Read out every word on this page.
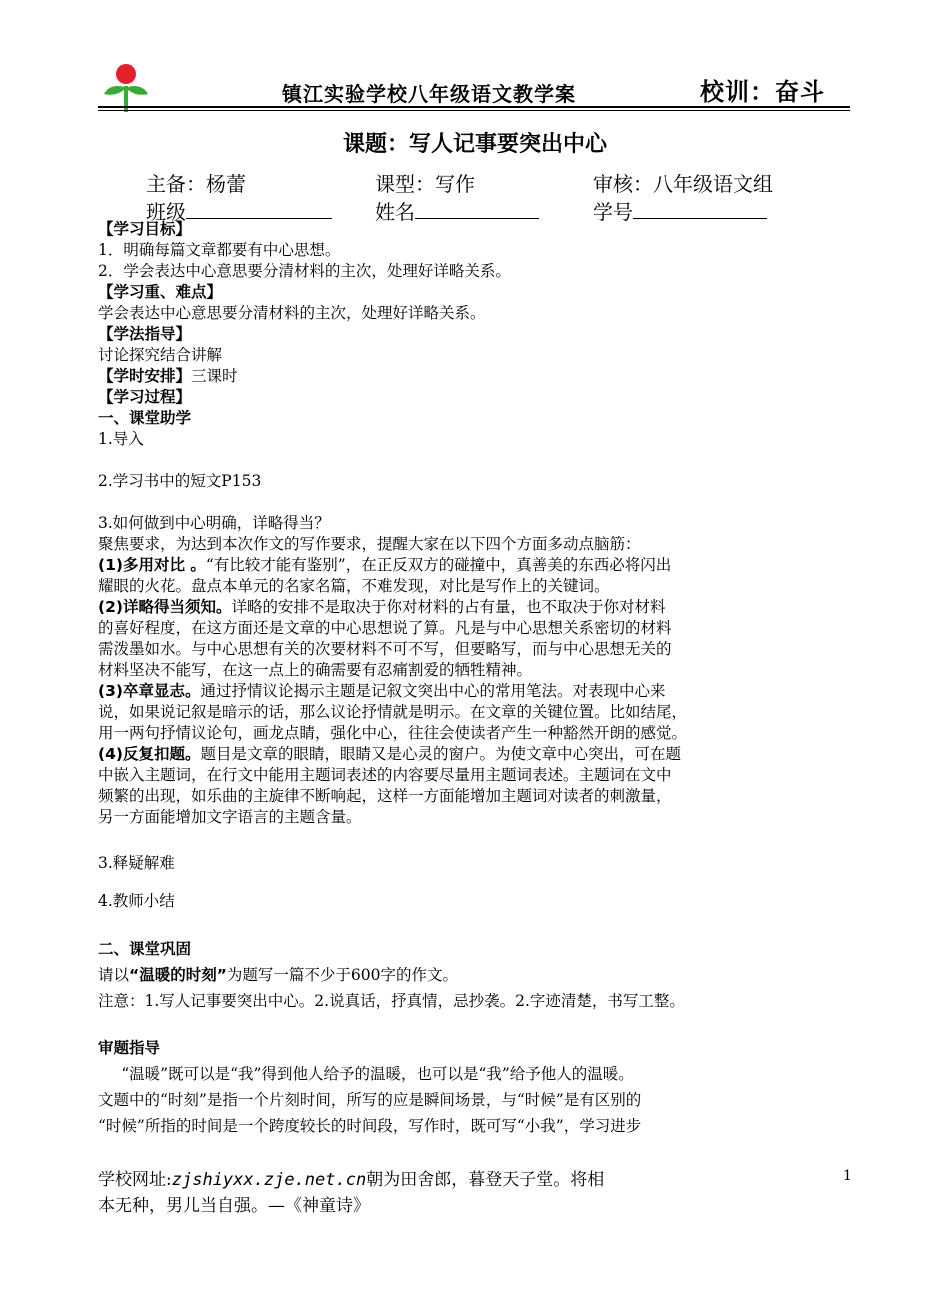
镇江实验学校八年级语文教学案	校训：奋斗
课题：写人记事要突出中心
主备：杨蕾	课型：写作	审核：八年级语文组
班级	姓名	学号

【学习目标】

1．明确每篇文章都要有中心思想。

2．学会表达中心意思要分清材料的主次，处理好详略关系。

【学习重、难点】

学会表达中心意思要分清材料的主次，处理好详略关系。

【学法指导】

讨论探究结合讲解

【学时安排】三课时

【学习过程】

一、课堂助学

1.导入

2.学习书中的短文P153

3.如何做到中心明确，详略得当？

聚焦要求，为达到本次作文的写作要求，提醒大家在以下四个方面多动点脑筋：

(1)多用对比 。“有比较才能有鉴别”，在正反双方的碰撞中，真善美的东西必将闪出

耀眼的火花。盘点本单元的名家名篇，不难发现，对比是写作上的关键词。

(2)详略得当须知。详略的安排不是取决于你对材料的占有量，也不取决于你对材料

的喜好程度，在这方面还是文章的中心思想说了算。凡是与中心思想关系密切的材料

需泼墨如水。与中心思想有关的次要材料不可不写，但要略写，而与中心思想无关的

材料坚决不能写，在这一点上的确需要有忍痛割爱的牺牲精神。

(3)卒章显志。通过抒情议论揭示主题是记叙文突出中心的常用笔法。对表现中心来

说，如果说记叙是暗示的话，那么议论抒情就是明示。在文章的关键位置。比如结尾，

用一两句抒情议论句，画龙点睛，强化中心，往往会使读者产生一种豁然开朗的感觉。

(4)反复扣题。题目是文章的眼睛，眼睛又是心灵的窗户。为使文章中心突出，可在题

中嵌入主题词，在行文中能用主题词表述的内容要尽量用主题词表述。主题词在文中

频繁的出现，如乐曲的主旋律不断响起，这样一方面能增加主题词对读者的刺激量，

另一方面能增加文字语言的主题含量。

3.释疑解难

4.教师小结

二、课堂巩固

请以“温暖的时刻”为题写一篇不少于600字的作文。

注意：1.写人记事要突出中心。2.说真话，抒真情，忌抄袭。2.字迹清楚，书写工整。

审题指导

“温暖”既可以是“我”得到他人给予的温暖，也可以是“我”给予他人的温暖。

文题中的“时刻”是指一个片刻时间，所写的应是瞬间场景，与“时候”是有区别的

“时候”所指的时间是一个跨度较长的时间段，写作时，既可写“小我”，学习进步

学校网址:zjshiyxx.zje.net.cn朝为田舍郎，暮登天子堂。将相
本无种，男儿当自强。—《神童诗》
1
